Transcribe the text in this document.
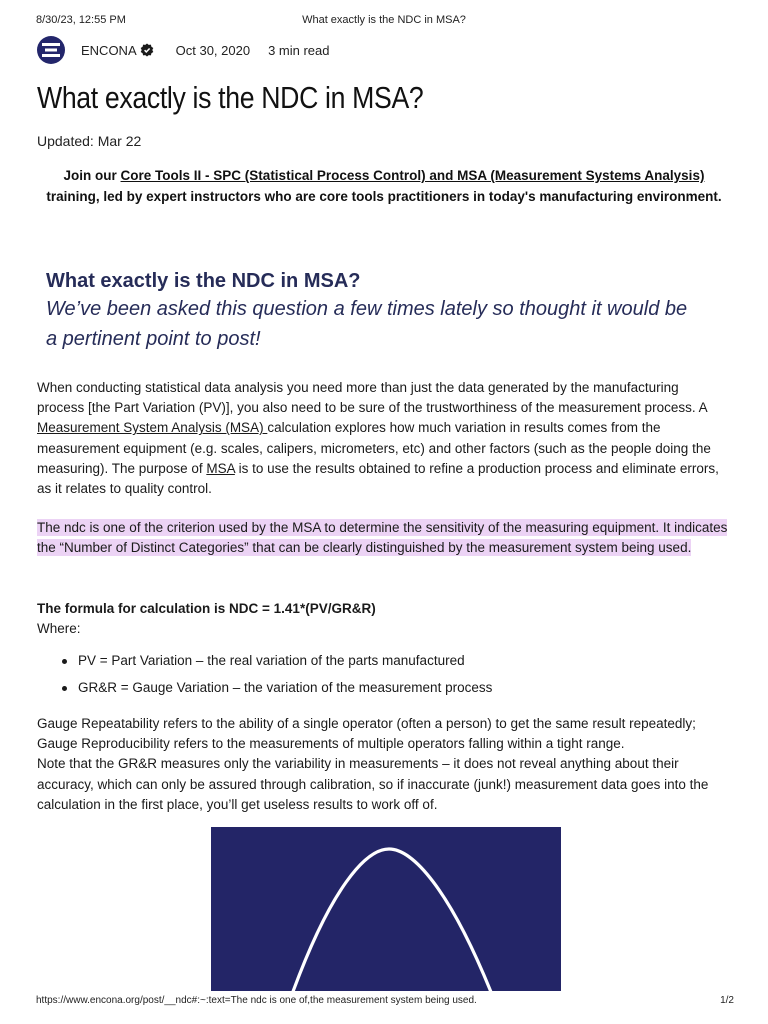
8/30/23, 12:55 PM	What exactly is the NDC in MSA?
ENCONA	Oct 30, 2020 3 min read
What exactly is the NDC in MSA?
Updated: Mar 22
Join our Core Tools II - SPC (Statistical Process Control) and MSA (Measurement Systems Analysis) training, led by expert instructors who are core tools practitioners in today's manufacturing environment.
What exactly is the NDC in MSA?
We’ve been asked this question a few times lately so thought it would be a pertinent point to post!
When conducting statistical data analysis you need more than just the data generated by the manufacturing process [the Part Variation (PV)], you also need to be sure of the trustworthiness of the measurement process. A Measurement System Analysis (MSA) calculation explores how much variation in results comes from the measurement equipment (e.g. scales, calipers, micrometers, etc) and other factors (such as the people doing the measuring). The purpose of MSA is to use the results obtained to refine a production process and eliminate errors, as it relates to quality control.
The ndc is one of the criterion used by the MSA to determine the sensitivity of the measuring equipment. It indicates the “Number of Distinct Categories” that can be clearly distinguished by the measurement system being used.
The formula for calculation is NDC = 1.41*(PV/GR&R)
Where:
PV = Part Variation – the real variation of the parts manufactured
GR&R = Gauge Variation – the variation of the measurement process
Gauge Repeatability refers to the ability of a single operator (often a person) to get the same result repeatedly; Gauge Reproducibility refers to the measurements of multiple operators falling within a tight range.
Note that the GR&R measures only the variability in measurements – it does not reveal anything about their accuracy, which can only be assured through calibration, so if inaccurate (junk!) measurement data goes into the calculation in the first place, you’ll get useless results to work off of.
https://www.encona.org/post/__ndc#:~:text=The ndc is one of,the measurement system being used.	1/2
